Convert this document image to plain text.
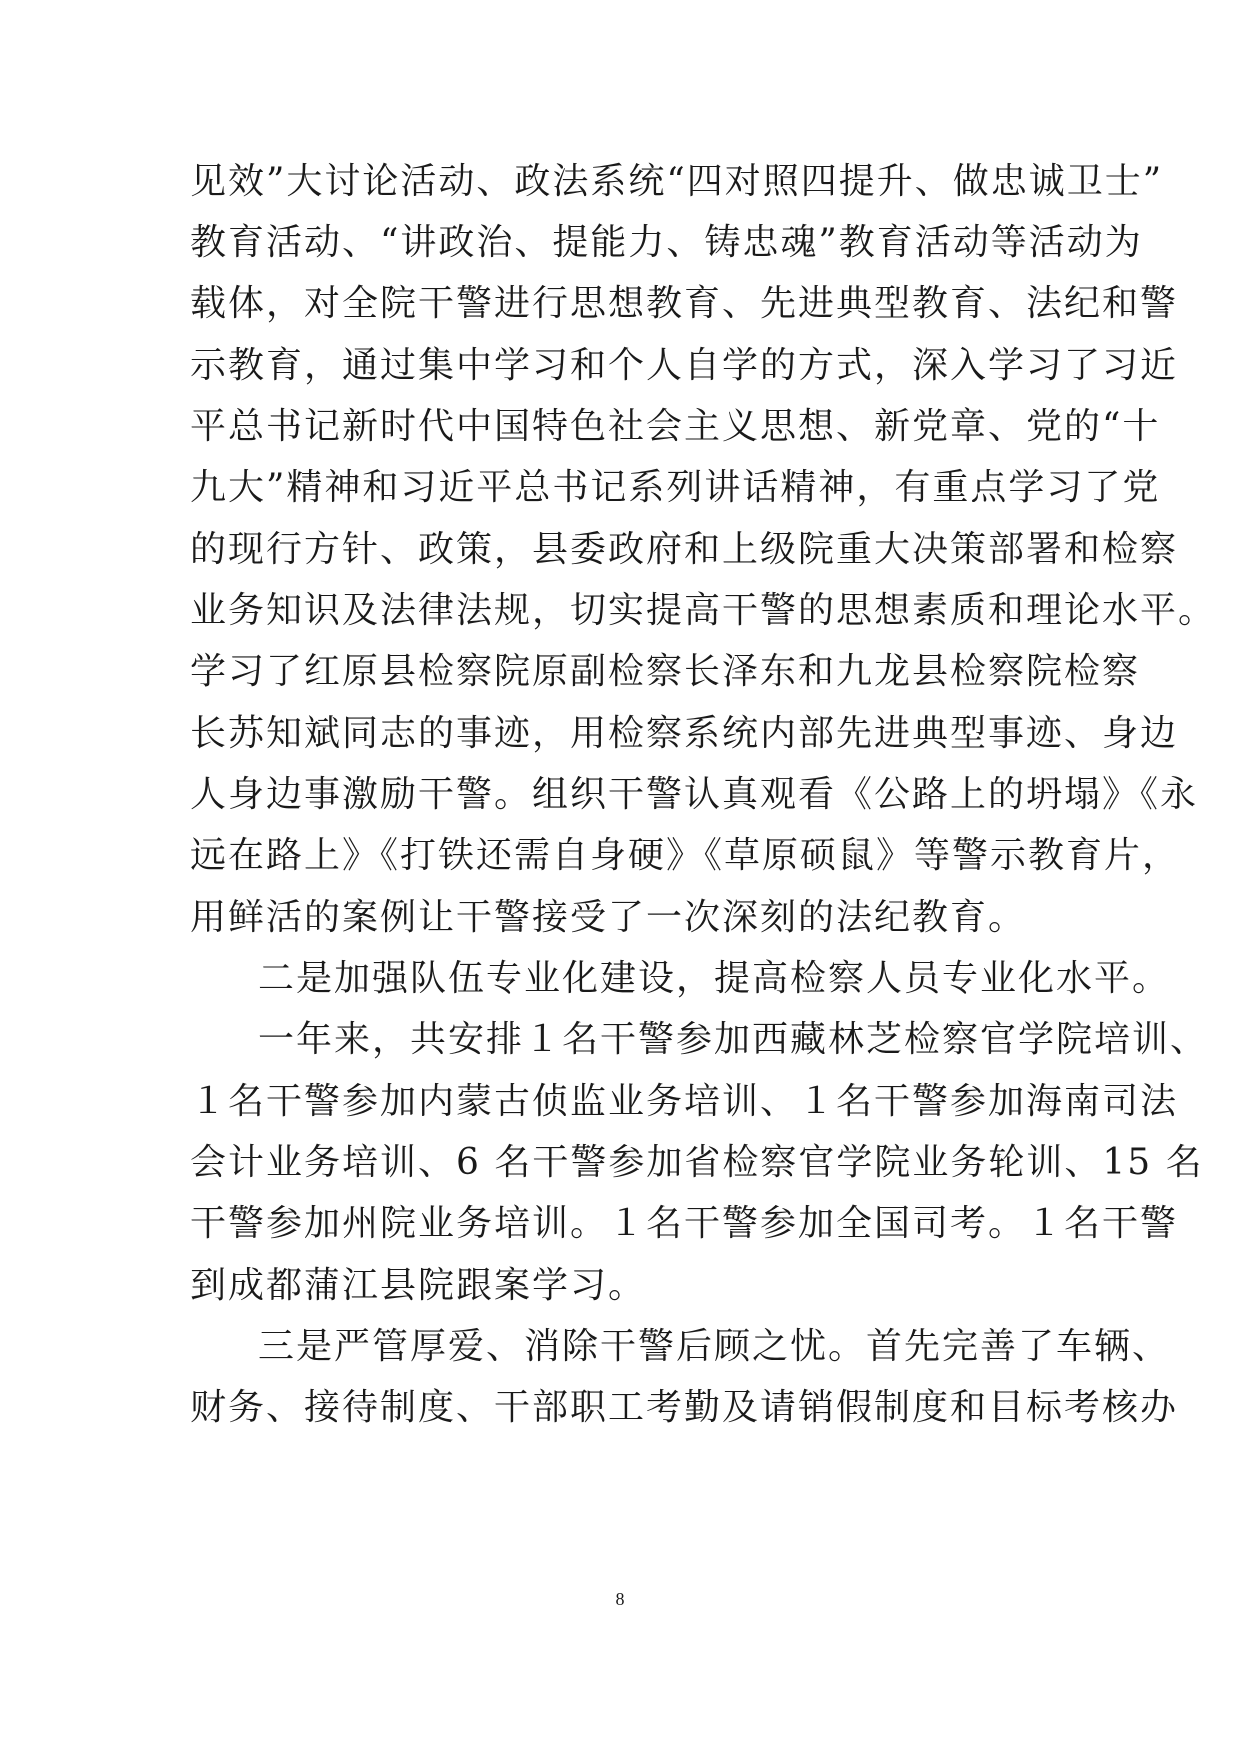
见效”大讨论活动、政法系统“四对照四提升、做忠诚卫士”
教育活动、“讲政治、提能力、铸忠魂”教育活动等活动为
载体，对全院干警进行思想教育、先进典型教育、法纪和警
示教育，通过集中学习和个人自学的方式，深入学习了习近
平总书记新时代中国特色社会主义思想、新党章、党的“十
九大”精神和习近平总书记系列讲话精神，有重点学习了党
的现行方针、政策，县委政府和上级院重大决策部署和检察
业务知识及法律法规，切实提高干警的思想素质和理论水平。
学习了红原县检察院原副检察长泽东和九龙县检察院检察
长苏知斌同志的事迹，用检察系统内部先进典型事迹、身边
人身边事激励干警。组织干警认真观看《公路上的坍塌》《永
远在路上》《打铁还需自身硬》《草原硕鼠》等警示教育片，
用鲜活的案例让干警接受了一次深刻的法纪教育。
二是加强队伍专业化建设，提高检察人员专业化水平。
一年来，共安排１名干警参加西藏林芝检察官学院培训、
１名干警参加内蒙古侦监业务培训、１名干警参加海南司法
会计业务培训、6 名干警参加省检察官学院业务轮训、15 名
干警参加州院业务培训。１名干警参加全国司考。１名干警
到成都蒲江县院跟案学习。
三是严管厚爱、消除干警后顾之忧。首先完善了车辆、
财务、接待制度、干部职工考勤及请销假制度和目标考核办
8
